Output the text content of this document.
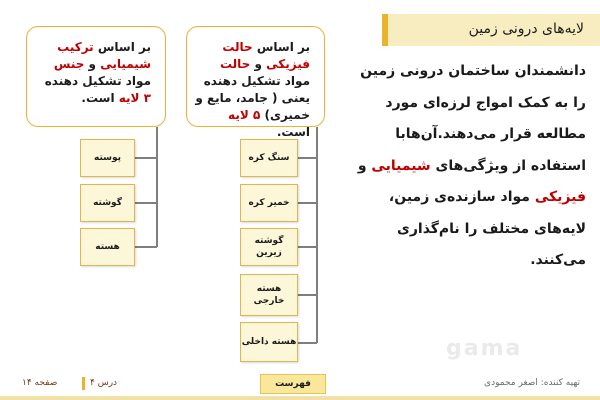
لایه‌های درونی زمین
دانشمندان ساختمان درونی زمین را به کمک امواج لرزه‌ای مورد مطالعه قرار می‌دهند.آن‌ها‌با استفاده از ویژگی‌های شیمیایی و فیزیکی مواد سازنده‌ی زمین، لایه‌های مختلف را نام‌گذاری می‌کنند.
بر اساس ترکیب شیمیایی و جنس مواد تشکیل دهنده ۳ لایه است.
بر اساس حالت فیزیکی و حالت مواد تشکیل دهنده یعنی ( جامد، مایع و خمیری) ۵ لایه است.
پوسته
گوشته
هسته
سنگ کره
خمیر کره
گوشته زیرین
هسته خارجی
هسته داخلی	gama
صفحه ۱۴	درس ۴	فهرست	تهیه کننده: اصغر محمودی
